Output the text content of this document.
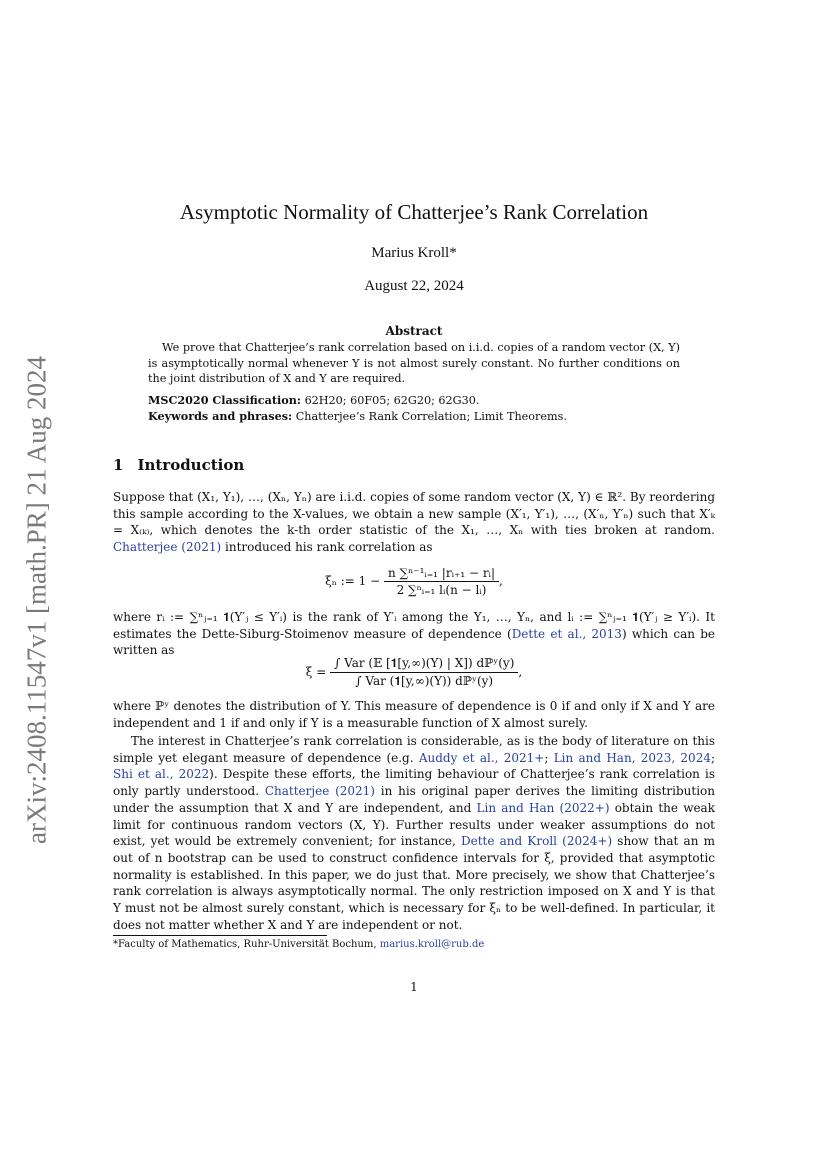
arXiv:2408.11547v1 [math.PR] 21 Aug 2024
Asymptotic Normality of Chatterjee’s Rank Correlation
Marius Kroll*
August 22, 2024
Abstract
We prove that Chatterjee’s rank correlation based on i.i.d. copies of a random vector (X, Y) is asymptotically normal whenever Y is not almost surely constant. No further conditions on the joint distribution of X and Y are required.
MSC2020 Classification: 62H20; 60F05; 62G20; 62G30.
Keywords and phrases: Chatterjee’s Rank Correlation; Limit Theorems.
1 Introduction
Suppose that (X₁, Y₁), …, (Xₙ, Yₙ) are i.i.d. copies of some random vector (X, Y) ∈ ℝ². By reordering this sample according to the X-values, we obtain a new sample (X′₁, Y′₁), …, (X′ₙ, Y′ₙ) such that X′ₖ = X₍ₖ₎, which denotes the k-th order statistic of the X₁, …, Xₙ with ties broken at random. Chatterjee (2021) introduced his rank correlation as
ξₙ := $1 - \frac{\text{n ∑ⁿ⁻¹ᵢ₌₁ |rᵢ₊₁ − rᵢ|}}{\text{2 ∑ⁿᵢ₌₁ lᵢ(n − lᵢ)}}$ ,
where rᵢ := ∑ⁿⱼ₌₁ 𝟏(Y′ⱼ ≤ Y′ᵢ) is the rank of Y′ᵢ among the Y₁, …, Yₙ, and lᵢ := ∑ⁿⱼ₌₁ 𝟏(Y′ⱼ ≥ Y′ᵢ). It estimates the Dette-Siburg-Stoimenov measure of dependence (Dette et al., 2013) which can be written as
$\xi = \frac{\text{∫ Var (𝔼 [𝟏[y,∞)(Y) | X]) dℙʸ(y)}}{\text{∫ Var (𝟏[y,∞)(Y)) dℙʸ(y)}}$ ,
where ℙʸ denotes the distribution of Y. This measure of dependence is 0 if and only if X and Y are independent and 1 if and only if Y is a measurable function of X almost surely.
The interest in Chatterjee’s rank correlation is considerable, as is the body of literature on this simple yet elegant measure of dependence (e.g. Auddy et al., 2021+; Lin and Han, 2023, 2024; Shi et al., 2022). Despite these efforts, the limiting behaviour of Chatterjee’s rank correlation is only partly understood. Chatterjee (2021) in his original paper derives the limiting distribution under the assumption that X and Y are independent, and Lin and Han (2022+) obtain the weak limit for continuous random vectors (X, Y). Further results under weaker assumptions do not exist, yet would be extremely convenient; for instance, Dette and Kroll (2024+) show that an m out of n bootstrap can be used to construct confidence intervals for ξ, provided that asymptotic normality is established. In this paper, we do just that. More precisely, we show that Chatterjee’s rank correlation is always asymptotically normal. The only restriction imposed on X and Y is that Y must not be almost surely constant, which is necessary for ξₙ to be well-defined. In particular, it does not matter whether X and Y are independent or not.
*Faculty of Mathematics, Ruhr-Universität Bochum, marius.kroll@rub.de
1
